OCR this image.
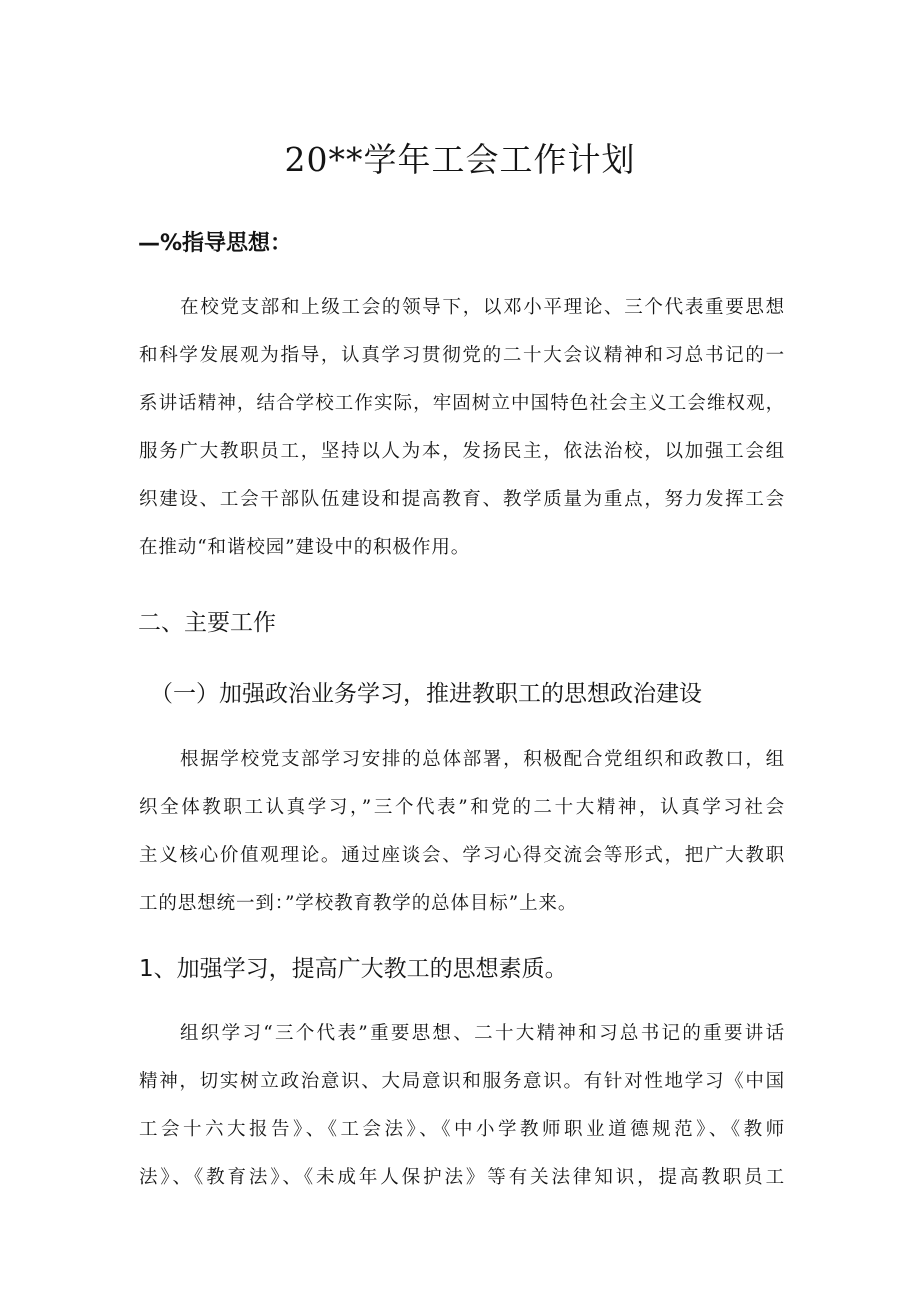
20**学年工会工作计划
—%指导思想：
在校党支部和上级工会的领导下，以邓小平理论、三个代表重要思想
和科学发展观为指导，认真学习贯彻党的二十大会议精神和习总书记的一
系讲话精神，结合学校工作实际，牢固树立中国特色社会主义工会维权观，
服务广大教职员工，坚持以人为本，发扬民主，依法治校，以加强工会组
织建设、工会干部队伍建设和提高教育、教学质量为重点，努力发挥工会
在推动“和谐校园”建设中的积极作用。
二、主要工作
（一）加强政治业务学习，推进教职工的思想政治建设
根据学校党支部学习安排的总体部署，积极配合党组织和政教口，组
织全体教职工认真学习，”三个代表”和党的二十大精神，认真学习社会
主义核心价值观理论。通过座谈会、学习心得交流会等形式，把广大教职
工的思想统一到：”学校教育教学的总体目标”上来。
1、加强学习，提高广大教工的思想素质。
组织学习“三个代表”重要思想、二十大精神和习总书记的重要讲话
精神，切实树立政治意识、大局意识和服务意识。有针对性地学习《中国
工会十六大报告》、《工会法》、《中小学教师职业道德规范》、《教师
法》、《教育法》、《未成年人保护法》等有关法律知识，提高教职员工
